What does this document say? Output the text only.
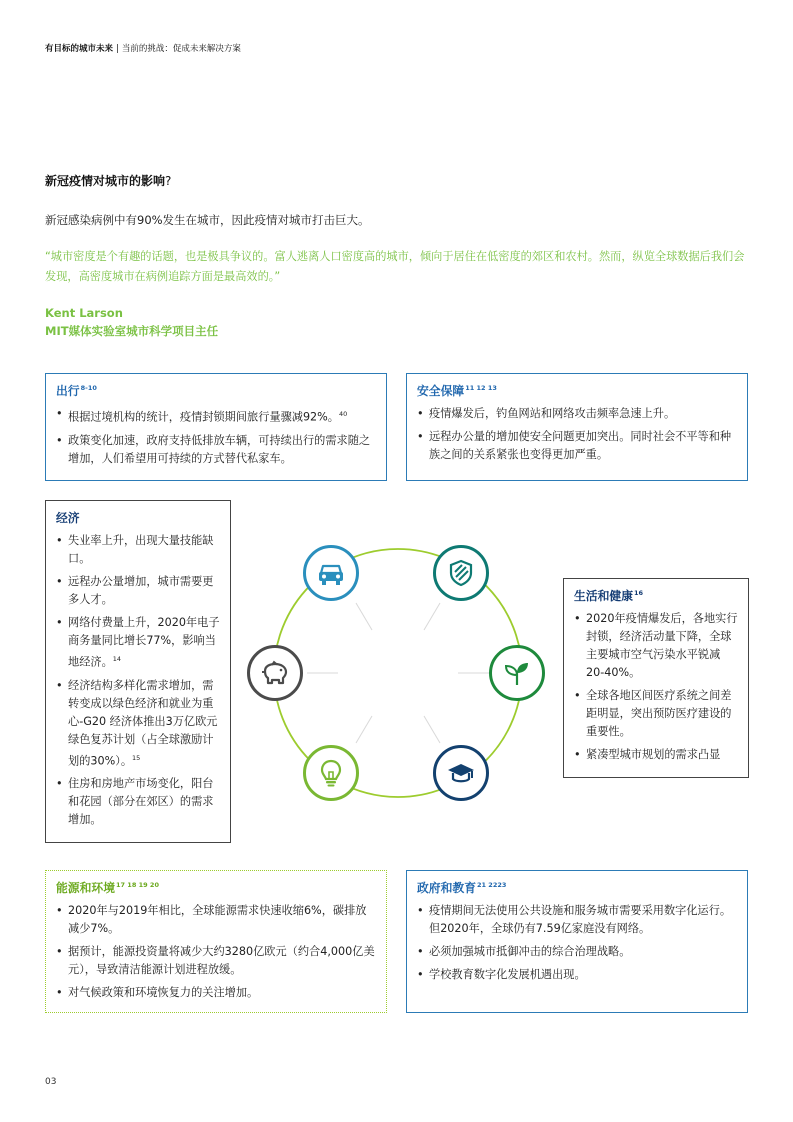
有目标的城市未来 | 当前的挑战：促成未来解决方案
新冠疫情对城市的影响?
新冠感染病例中有90%发生在城市，因此疫情对城市打击巨大。
“城市密度是个有趣的话题，也是极具争议的。富人逃离人口密度高的城市，倾向于居住在低密度的郊区和农村。然而，纵览全球数据后我们会发现，高密度城市在病例追踪方面是最高效的。”
Kent Larson
MIT媒体实验室城市科学项目主任
出行$^{8-10}$
• 根据过境机构的统计，疫情封锁期间旅行量骤减92%。$^{40}$
• 政策变化加速，政府支持低排放车辆，可持续出行的需求随之增加，人们希望用可持续的方式替代私家车。
安全保障$^{11 12 13}$
• 疫情爆发后，钓鱼网站和网络攻击频率急速上升。
• 远程办公量的增加使安全问题更加突出。同时社会不平等和种族之间的关系紧张也变得更加严重。
经济
• 失业率上升，出现大量技能缺口。
• 远程办公量增加，城市需要更多人才。
• 网络付费量上升，2020年电子商务量同比增长77%，影响当地经济。$^{14}$
• 经济结构多样化需求增加，需转变成以绿色经济和就业为重心-G20 经济体推出3万亿欧元绿色复苏计划（占全球激励计划的30%）。$^{15}$
• 住房和房地产市场变化，阳台和花园（部分在郊区）的需求增加。
生活和健康$^{16}$
• 2020年疫情爆发后，各地实行封锁，经济活动量下降，全球主要城市空气污染水平锐减20-40%。
• 全球各地区间医疗系统之间差距明显，突出预防医疗建设的重要性。
• 紧凑型城市规划的需求凸显
能源和环境$^{17 18 19 20}$
• 2020年与2019年相比，全球能源需求快速收缩6%，碳排放减少7%。
• 据预计，能源投资量将减少大约3280亿欧元（约合4,000亿美元），导致清洁能源计划进程放缓。
• 对气候政策和环境恢复力的关注增加。
政府和教育$^{21 2223}$
• 疫情期间无法使用公共设施和服务城市需要采用数字化运行。但2020年，全球仍有7.59亿家庭没有网络。
• 必须加强城市抵御冲击的综合治理战略。
• 学校教育数字化发展机遇出现。
03
